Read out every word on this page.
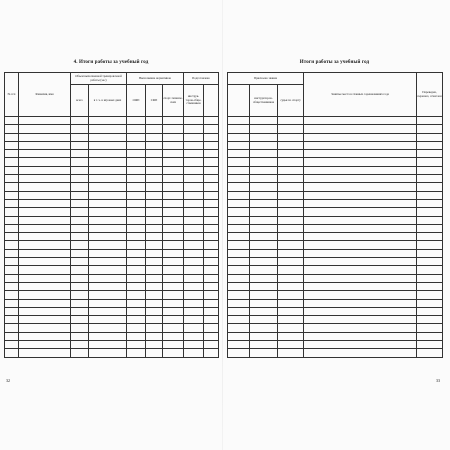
4. Итоги работы за учебный год
№ п/п	Фамилия, имя	Объем выполненной тренировочной работы (час)		Выполнение нормативов			Подготовлено	
		всего	в т. ч. в игровых днях	ОФП	СФП	спорт-техниче-ских	инструк-торов-обще-ственников	

32
Итоги работы за учебный год
Присвоено звание			Занятые места в главных соревнованиях года	Переведен, перешел, отчислен
	инструкторов-общественников	судьи по спорту		

33
